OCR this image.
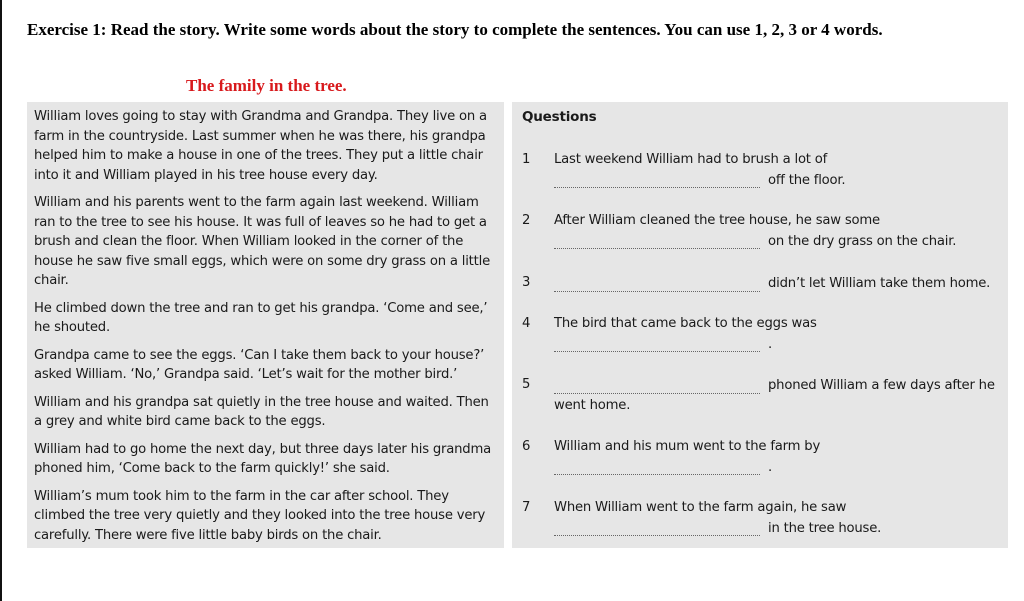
Exercise 1: Read the story. Write some words about the story to complete the sentences. You can use 1, 2, 3 or 4 words.
The family in the tree.

William loves going to stay with Grandma and Grandpa. They live on a farm in the countryside. Last summer when he was there, his grandpa helped him to make a house in one of the trees. They put a little chair into it and William played in his tree house every day.

William and his parents went to the farm again last weekend. William ran to the tree to see his house. It was full of leaves so he had to get a brush and clean the floor. When William looked in the corner of the house he saw five small eggs, which were on some dry grass on a little chair.

He climbed down the tree and ran to get his grandpa. ‘Come and see,’ he shouted.

Grandpa came to see the eggs. ‘Can I take them back to your house?’ asked William. ‘No,’ Grandpa said. ‘Let’s wait for the mother bird.’

William and his grandpa sat quietly in the tree house and waited. Then a grey and white bird came back to the eggs.

William had to go home the next day, but three days later his grandma phoned him, ‘Come back to the farm quickly!’ she said.

William’s mum took him to the farm in the car after school. They climbed the tree very quietly and they looked into the tree house very carefully. There were five little baby birds on the chair.

Questions
1 Last weekend William had to brush a lot of
off the floor.
2 After William cleaned the tree house, he saw some
on the dry grass on the chair.
3	didn’t let William take them home.
4 The bird that came back to the eggs was
.
5	phoned William a few days after he
went home.
6 William and his mum went to the farm by
.
7 When William went to the farm again, he saw
in the tree house.
